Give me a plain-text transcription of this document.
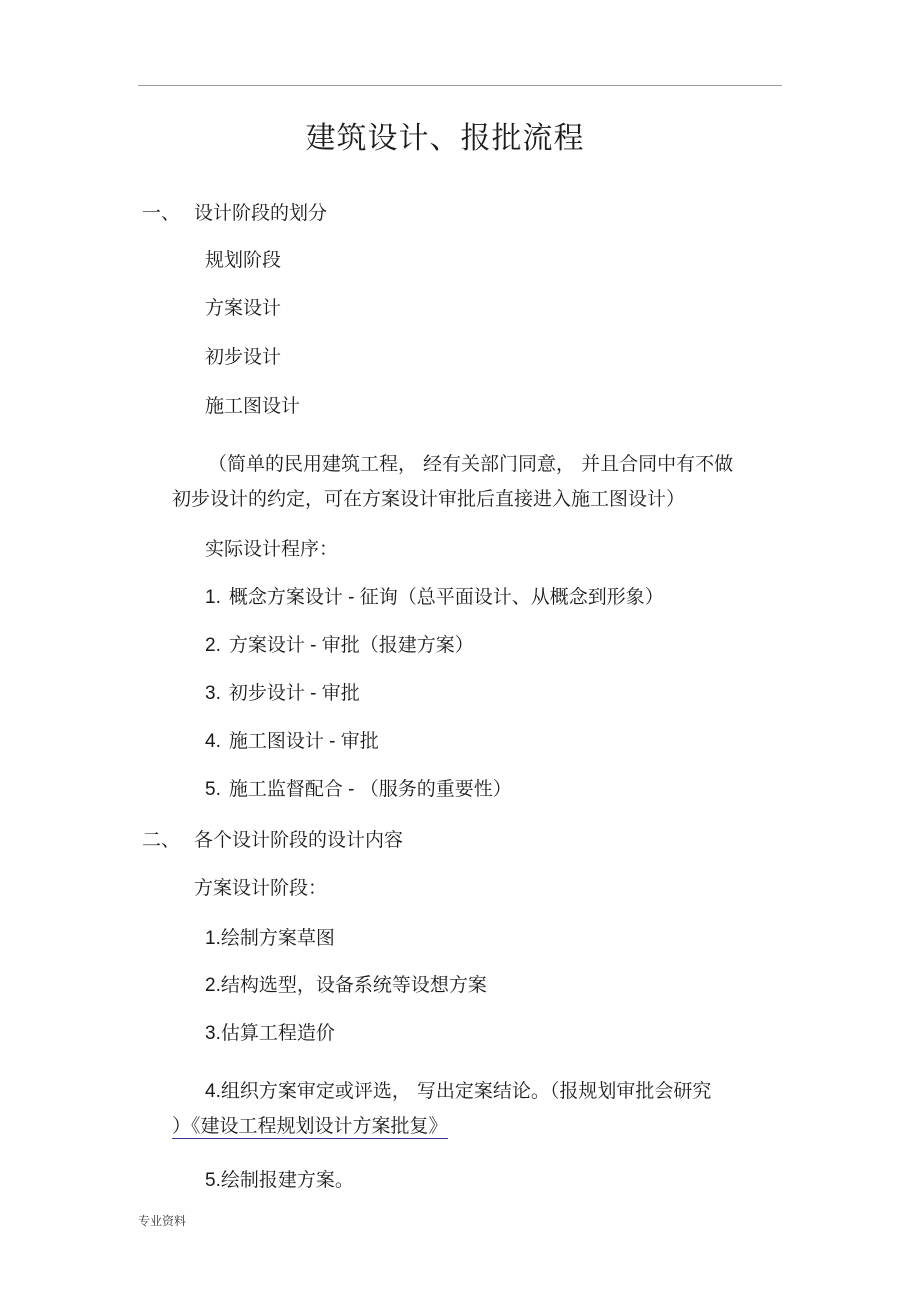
建筑设计、报批流程
一、 设计阶段的划分
规划阶段
方案设计
初步设计
施工图设计
（简单的民用建筑工程， 经有关部门同意， 并且合同中有不做
初步设计的约定，可在方案设计审批后直接进入施工图设计）
实际设计程序：
1. 概念方案设计 - 征询（总平面设计、从概念到形象）
2. 方案设计 - 审批（报建方案）
3. 初步设计 - 审批
4. 施工图设计 - 审批
5. 施工监督配合 - （服务的重要性）
二、 各个设计阶段的设计内容
方案设计阶段：
1.绘制方案草图
2.结构选型，设备系统等设想方案
3.估算工程造价
4.组织方案审定或评选， 写出定案结论。（报规划审批会研究
）《建设工程规划设计方案批复》
5.绘制报建方案。
专业资料
